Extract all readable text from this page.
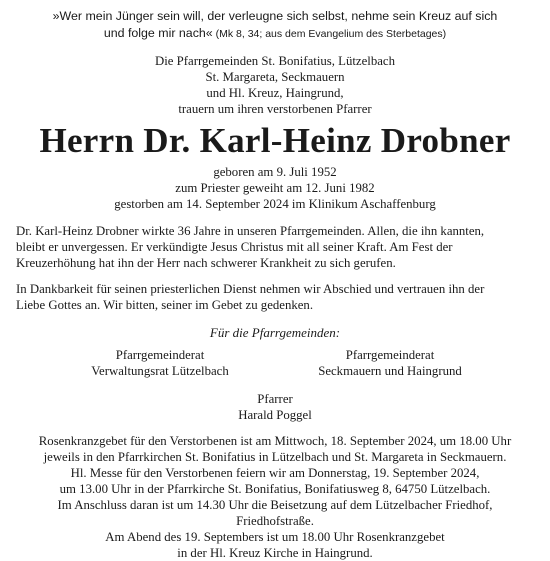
»Wer mein Jünger sein will, der verleugne sich selbst, nehme sein Kreuz auf sich
und folge mir nach« (Mk 8, 34; aus dem Evangelium des Sterbetages)
Die Pfarrgemeinden St. Bonifatius, Lützelbach
St. Margareta, Seckmauern
und Hl. Kreuz, Haingrund,
trauern um ihren verstorbenen Pfarrer
Herrn Dr. Karl-Heinz Drobner
geboren am 9. Juli 1952
zum Priester geweiht am 12. Juni 1982
gestorben am 14. September 2024 im Klinikum Aschaffenburg
Dr. Karl-Heinz Drobner wirkte 36 Jahre in unseren Pfarrgemeinden. Allen, die ihn kannten,
bleibt er unvergessen. Er verkündigte Jesus Christus mit all seiner Kraft. Am Fest der
Kreuzerhöhung hat ihn der Herr nach schwerer Krankheit zu sich gerufen.
In Dankbarkeit für seinen priesterlichen Dienst nehmen wir Abschied und vertrauen ihn der
Liebe Gottes an. Wir bitten, seiner im Gebet zu gedenken.
Für die Pfarrgemeinden:
Pfarrgemeinderat
Verwaltungsrat Lützelbach
Pfarrgemeinderat
Seckmauern und Haingrund
Pfarrer
Harald Poggel
Rosenkranzgebet für den Verstorbenen ist am Mittwoch, 18. September 2024, um 18.00 Uhr
jeweils in den Pfarrkirchen St. Bonifatius in Lützelbach und St. Margareta in Seckmauern.
Hl. Messe für den Verstorbenen feiern wir am Donnerstag, 19. September 2024,
um 13.00 Uhr in der Pfarrkirche St. Bonifatius, Bonifatiusweg 8, 64750 Lützelbach.
Im Anschluss daran ist um 14.30 Uhr die Beisetzung auf dem Lützelbacher Friedhof,
Friedhofstraße.
Am Abend des 19. Septembers ist um 18.00 Uhr Rosenkranzgebet
in der Hl. Kreuz Kirche in Haingrund.
